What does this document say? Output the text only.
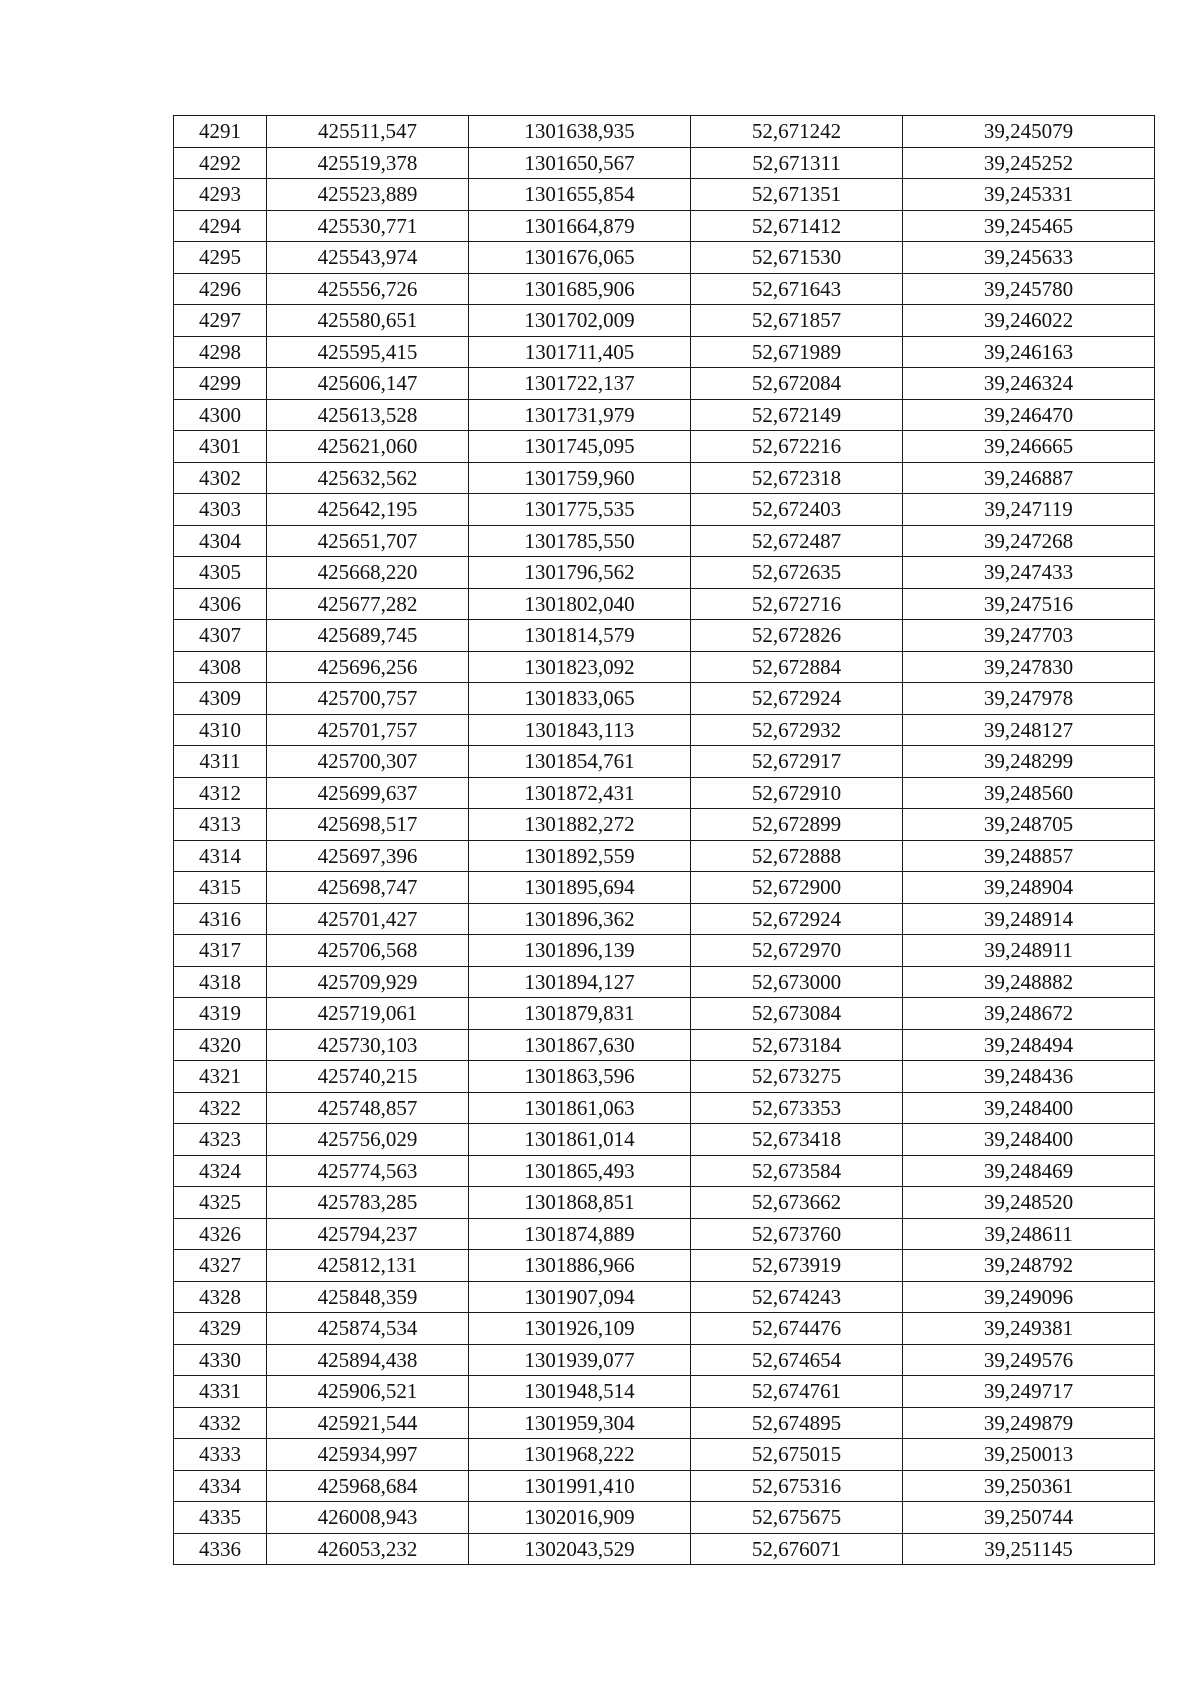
4291	425511,547	1301638,935	52,671242	39,245079
4292	425519,378	1301650,567	52,671311	39,245252
4293	425523,889	1301655,854	52,671351	39,245331
4294	425530,771	1301664,879	52,671412	39,245465
4295	425543,974	1301676,065	52,671530	39,245633
4296	425556,726	1301685,906	52,671643	39,245780
4297	425580,651	1301702,009	52,671857	39,246022
4298	425595,415	1301711,405	52,671989	39,246163
4299	425606,147	1301722,137	52,672084	39,246324
4300	425613,528	1301731,979	52,672149	39,246470
4301	425621,060	1301745,095	52,672216	39,246665
4302	425632,562	1301759,960	52,672318	39,246887
4303	425642,195	1301775,535	52,672403	39,247119
4304	425651,707	1301785,550	52,672487	39,247268
4305	425668,220	1301796,562	52,672635	39,247433
4306	425677,282	1301802,040	52,672716	39,247516
4307	425689,745	1301814,579	52,672826	39,247703
4308	425696,256	1301823,092	52,672884	39,247830
4309	425700,757	1301833,065	52,672924	39,247978
4310	425701,757	1301843,113	52,672932	39,248127
4311	425700,307	1301854,761	52,672917	39,248299
4312	425699,637	1301872,431	52,672910	39,248560
4313	425698,517	1301882,272	52,672899	39,248705
4314	425697,396	1301892,559	52,672888	39,248857
4315	425698,747	1301895,694	52,672900	39,248904
4316	425701,427	1301896,362	52,672924	39,248914
4317	425706,568	1301896,139	52,672970	39,248911
4318	425709,929	1301894,127	52,673000	39,248882
4319	425719,061	1301879,831	52,673084	39,248672
4320	425730,103	1301867,630	52,673184	39,248494
4321	425740,215	1301863,596	52,673275	39,248436
4322	425748,857	1301861,063	52,673353	39,248400
4323	425756,029	1301861,014	52,673418	39,248400
4324	425774,563	1301865,493	52,673584	39,248469
4325	425783,285	1301868,851	52,673662	39,248520
4326	425794,237	1301874,889	52,673760	39,248611
4327	425812,131	1301886,966	52,673919	39,248792
4328	425848,359	1301907,094	52,674243	39,249096
4329	425874,534	1301926,109	52,674476	39,249381
4330	425894,438	1301939,077	52,674654	39,249576
4331	425906,521	1301948,514	52,674761	39,249717
4332	425921,544	1301959,304	52,674895	39,249879
4333	425934,997	1301968,222	52,675015	39,250013
4334	425968,684	1301991,410	52,675316	39,250361
4335	426008,943	1302016,909	52,675675	39,250744
4336	426053,232	1302043,529	52,676071	39,251145
